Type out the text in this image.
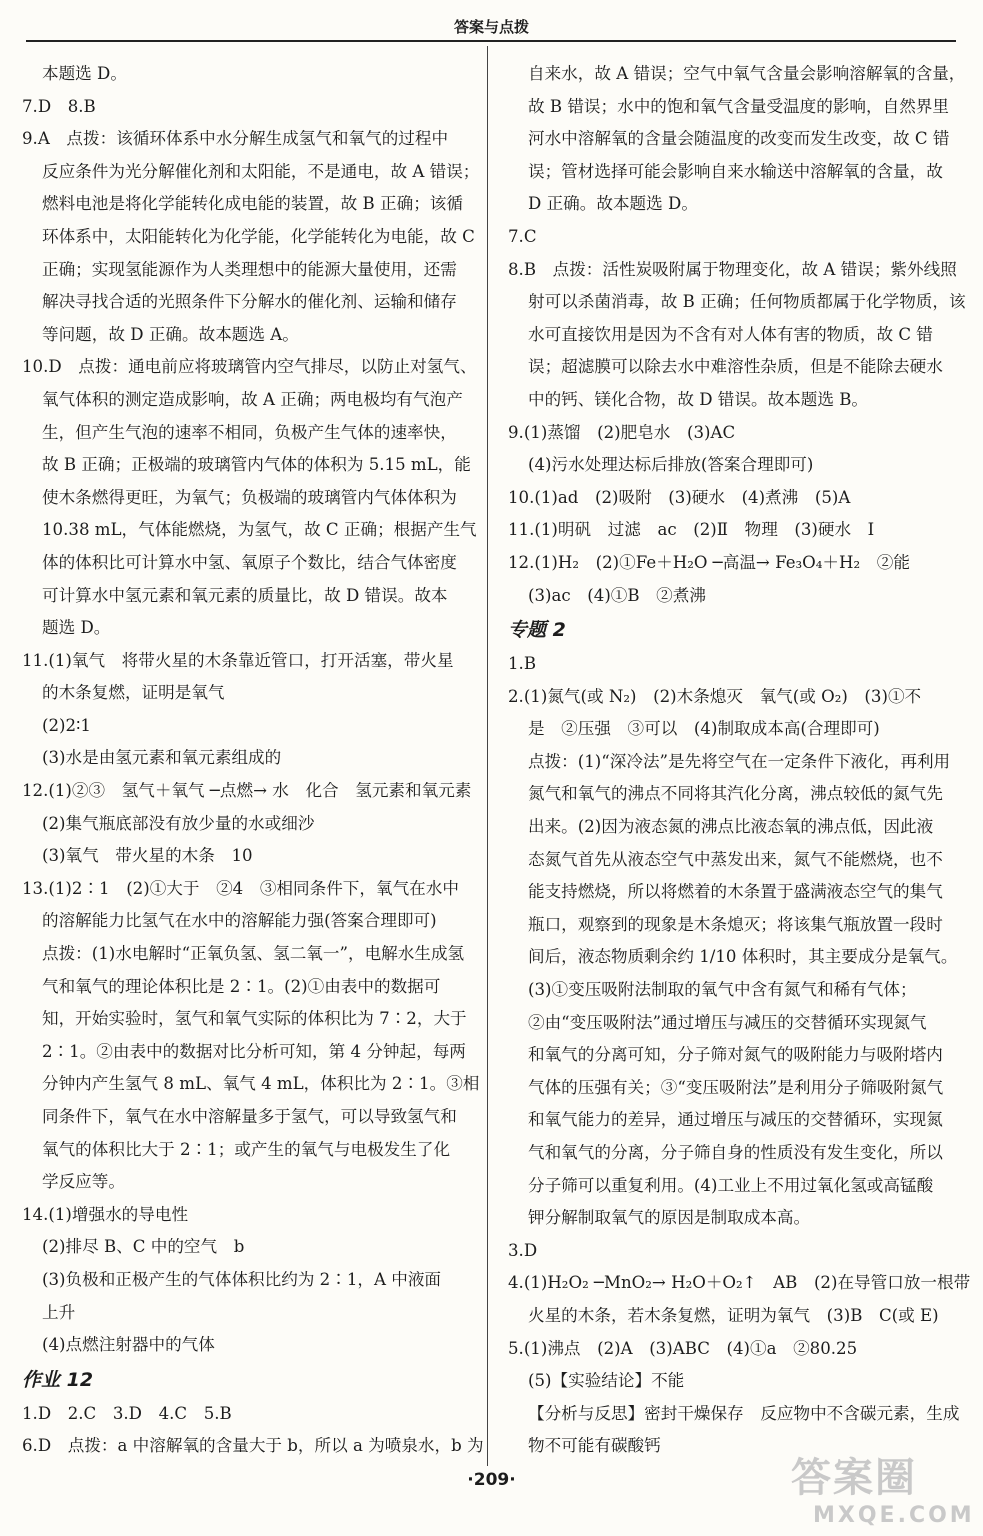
答案与点拨
本题选 D。
7.D　8.B
9.A　点拨：该循环体系中水分解生成氢气和氧气的过程中
反应条件为光分解催化剂和太阳能，不是通电，故 A 错误；
燃料电池是将化学能转化成电能的装置，故 B 正确；该循
环体系中，太阳能转化为化学能，化学能转化为电能，故 C
正确；实现氢能源作为人类理想中的能源大量使用，还需
解决寻找合适的光照条件下分解水的催化剂、运输和储存
等问题，故 D 正确。故本题选 A。
10.D　点拨：通电前应将玻璃管内空气排尽，以防止对氢气、
氧气体积的测定造成影响，故 A 正确；两电极均有气泡产
生，但产生气泡的速率不相同，负极产生气体的速率快，
故 B 正确；正极端的玻璃管内气体的体积为 5.15 mL，能
使木条燃得更旺，为氧气；负极端的玻璃管内气体体积为
10.38 mL，气体能燃烧，为氢气，故 C 正确；根据产生气
体的体积比可计算水中氢、氧原子个数比，结合气体密度
可计算水中氢元素和氧元素的质量比，故 D 错误。故本
题选 D。
11.(1)氧气　将带火星的木条靠近管口，打开活塞，带火星
的木条复燃，证明是氧气
(2)2∶1
(3)水是由氢元素和氧元素组成的
12.(1)②③　氢气＋氧气 ─点燃→ 水　化合　氢元素和氧元素
(2)集气瓶底部没有放少量的水或细沙
(3)氧气　带火星的木条　10
13.(1)2∶1　(2)①大于　②4　③相同条件下，氧气在水中
的溶解能力比氢气在水中的溶解能力强(答案合理即可)
点拨：(1)水电解时“正氧负氢、氢二氧一”，电解水生成氢
气和氧气的理论体积比是 2∶1。(2)①由表中的数据可
知，开始实验时，氢气和氧气实际的体积比为 7∶2，大于
2∶1。②由表中的数据对比分析可知，第 4 分钟起，每两
分钟内产生氢气 8 mL、氧气 4 mL，体积比为 2∶1。③相
同条件下，氧气在水中溶解量多于氢气，可以导致氢气和
氧气的体积比大于 2∶1；或产生的氧气与电极发生了化
学反应等。
14.(1)增强水的导电性
(2)排尽 B、C 中的空气　b
(3)负极和正极产生的气体体积比约为 2∶1，A 中液面
上升
(4)点燃注射器中的气体
作业 12
1.D　2.C　3.D　4.C　5.B
6.D　点拨：a 中溶解氧的含量大于 b，所以 a 为喷泉水，b 为
自来水，故 A 错误；空气中氧气含量会影响溶解氧的含量，
故 B 错误；水中的饱和氧气含量受温度的影响，自然界里
河水中溶解氧的含量会随温度的改变而发生改变，故 C 错
误；管材选择可能会影响自来水输送中溶解氧的含量，故
D 正确。故本题选 D。
7.C
8.B　点拨：活性炭吸附属于物理变化，故 A 错误；紫外线照
射可以杀菌消毒，故 B 正确；任何物质都属于化学物质，该
水可直接饮用是因为不含有对人体有害的物质，故 C 错
误；超滤膜可以除去水中难溶性杂质，但是不能除去硬水
中的钙、镁化合物，故 D 错误。故本题选 B。
9.(1)蒸馏　(2)肥皂水　(3)AC
(4)污水处理达标后排放(答案合理即可)
10.(1)ad　(2)吸附　(3)硬水　(4)煮沸　(5)A
11.(1)明矾　过滤　ac　(2)Ⅱ　物理　(3)硬水　Ⅰ
12.(1)H₂　(2)①Fe＋H₂O ─高温→ Fe₃O₄＋H₂　②能
(3)ac　(4)①B　②煮沸
专题 2
1.B
2.(1)氮气(或 N₂)　(2)木条熄灭　氧气(或 O₂)　(3)①不
是　②压强　③可以　(4)制取成本高(合理即可)
点拨：(1)“深冷法”是先将空气在一定条件下液化，再利用
氮气和氧气的沸点不同将其汽化分离，沸点较低的氮气先
出来。(2)因为液态氮的沸点比液态氧的沸点低，因此液
态氮气首先从液态空气中蒸发出来，氮气不能燃烧，也不
能支持燃烧，所以将燃着的木条置于盛满液态空气的集气
瓶口，观察到的现象是木条熄灭；将该集气瓶放置一段时
间后，液态物质剩余约 1/10 体积时，其主要成分是氧气。
(3)①变压吸附法制取的氧气中含有氮气和稀有气体；
②由“变压吸附法”通过增压与减压的交替循环实现氮气
和氧气的分离可知，分子筛对氮气的吸附能力与吸附塔内
气体的压强有关；③“变压吸附法”是利用分子筛吸附氮气
和氧气能力的差异，通过增压与减压的交替循环，实现氮
气和氧气的分离，分子筛自身的性质没有发生变化，所以
分子筛可以重复利用。(4)工业上不用过氧化氢或高锰酸
钾分解制取氧气的原因是制取成本高。
3.D
4.(1)H₂O₂ ─MnO₂→ H₂O＋O₂↑　AB　(2)在导管口放一根带
火星的木条，若木条复燃，证明为氧气　(3)B　C(或 E)
5.(1)沸点　(2)A　(3)ABC　(4)①a　②80.25
(5)【实验结论】不能
【分析与反思】密封干燥保存　反应物中不含碳元素，生成
物不可能有碳酸钙
·209·	答案圈
MXQE.COM
